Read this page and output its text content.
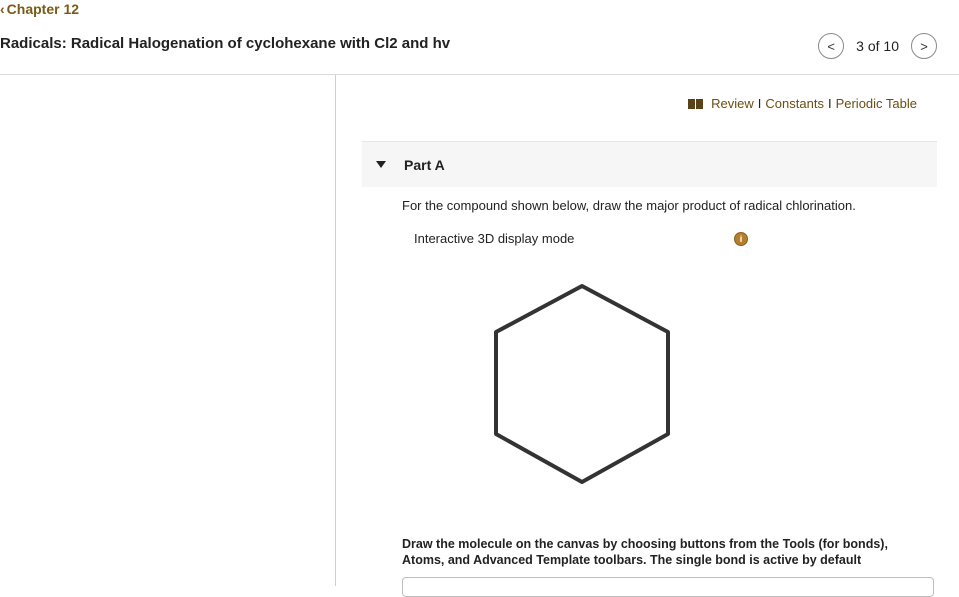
‹ Chapter 12
Radicals: Radical Halogenation of cyclohexane with Cl2 and hv	< 3 of 10 >
Review I Constants I Periodic Table
Part A
For the compound shown below, draw the major product of radical chlorination.
Interactive 3D display mode	i
Draw the molecule on the canvas by choosing buttons from the Tools (for bonds), Atoms, and Advanced Template toolbars. The single bond is active by default
